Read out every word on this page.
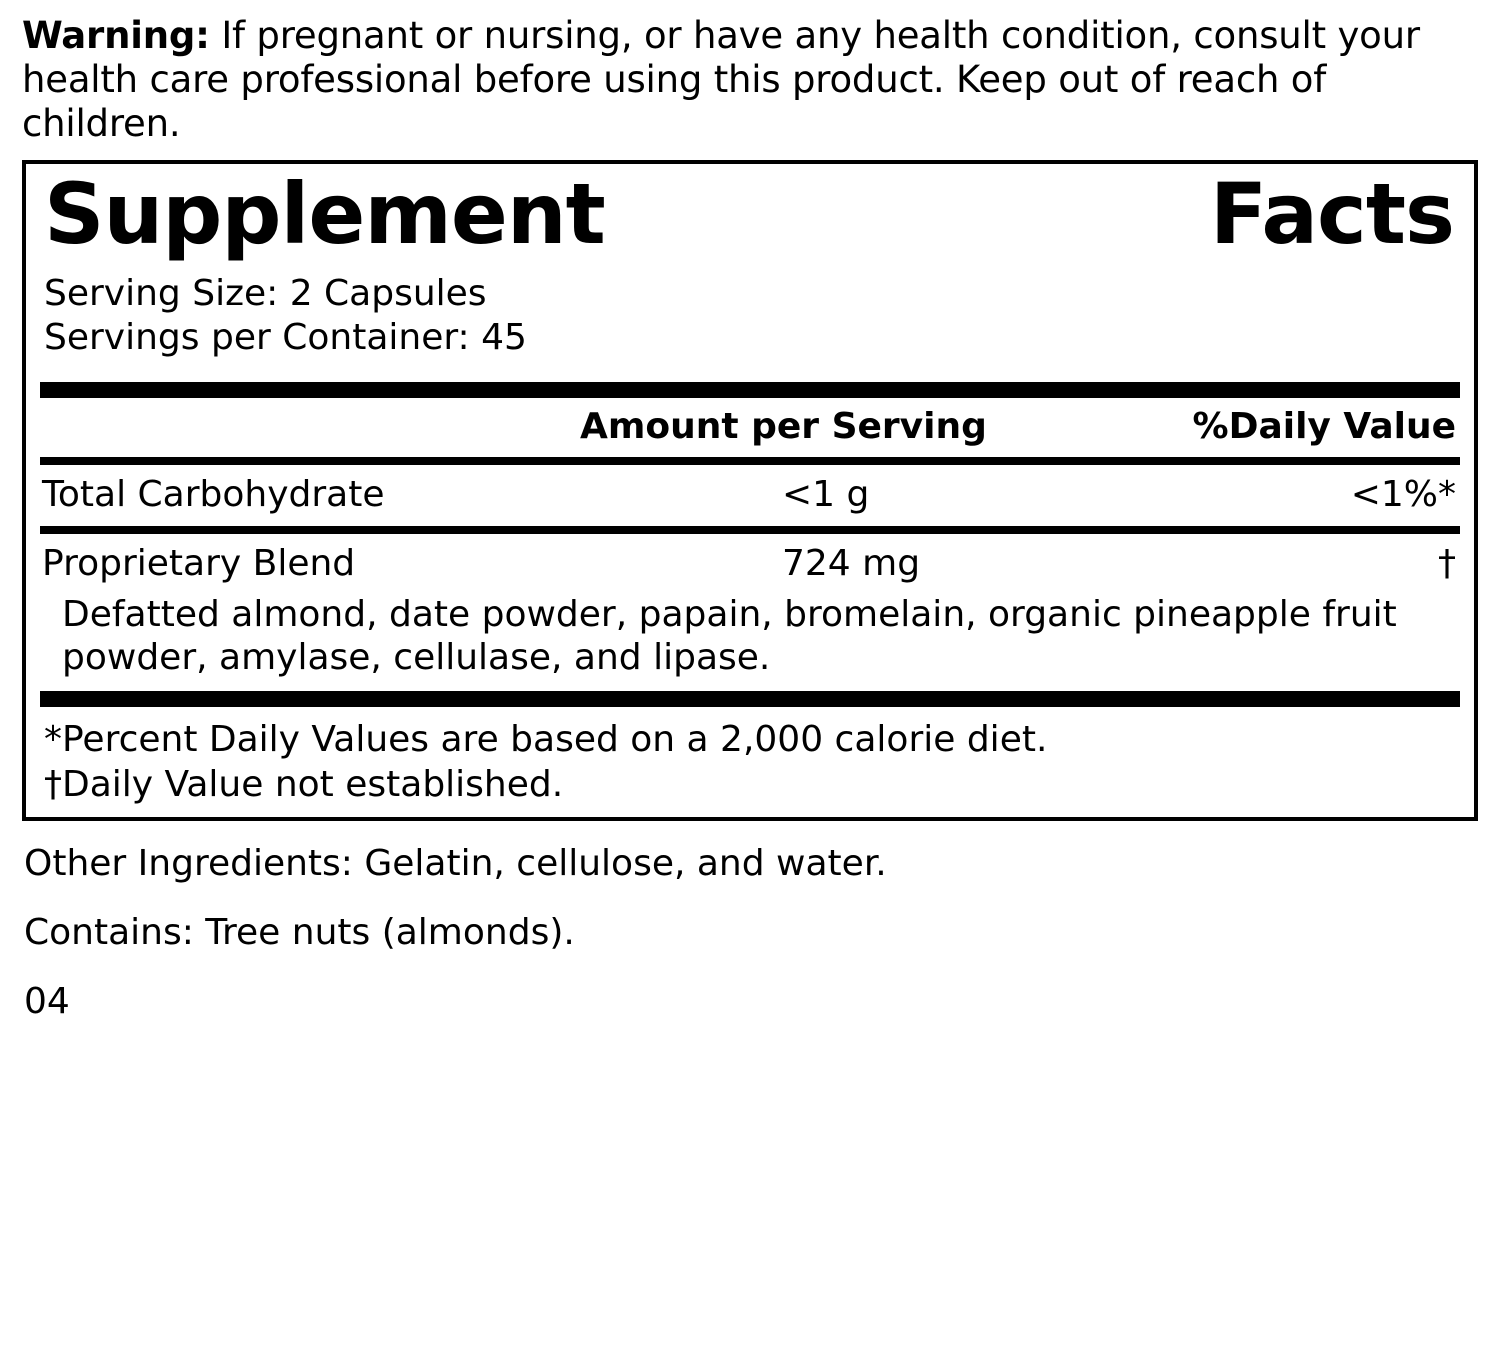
Warning: If pregnant or nursing, or have any health condition, consult your health care professional before using this product. Keep out of reach of children.
Supplement	Facts
Serving Size: 2 Capsules
Servings per Container: 45
Amount per Serving	%Daily Value
Total Carbohydrate	<1 g	<1%*
Proprietary Blend	724 mg	†
Defatted almond, date powder, papain, bromelain, organic pineapple fruit powder, amylase, cellulase, and lipase.
*Percent Daily Values are based on a 2,000 calorie diet.
†Daily Value not established.
Other Ingredients: Gelatin, cellulose, and water.
Contains: Tree nuts (almonds).
04
